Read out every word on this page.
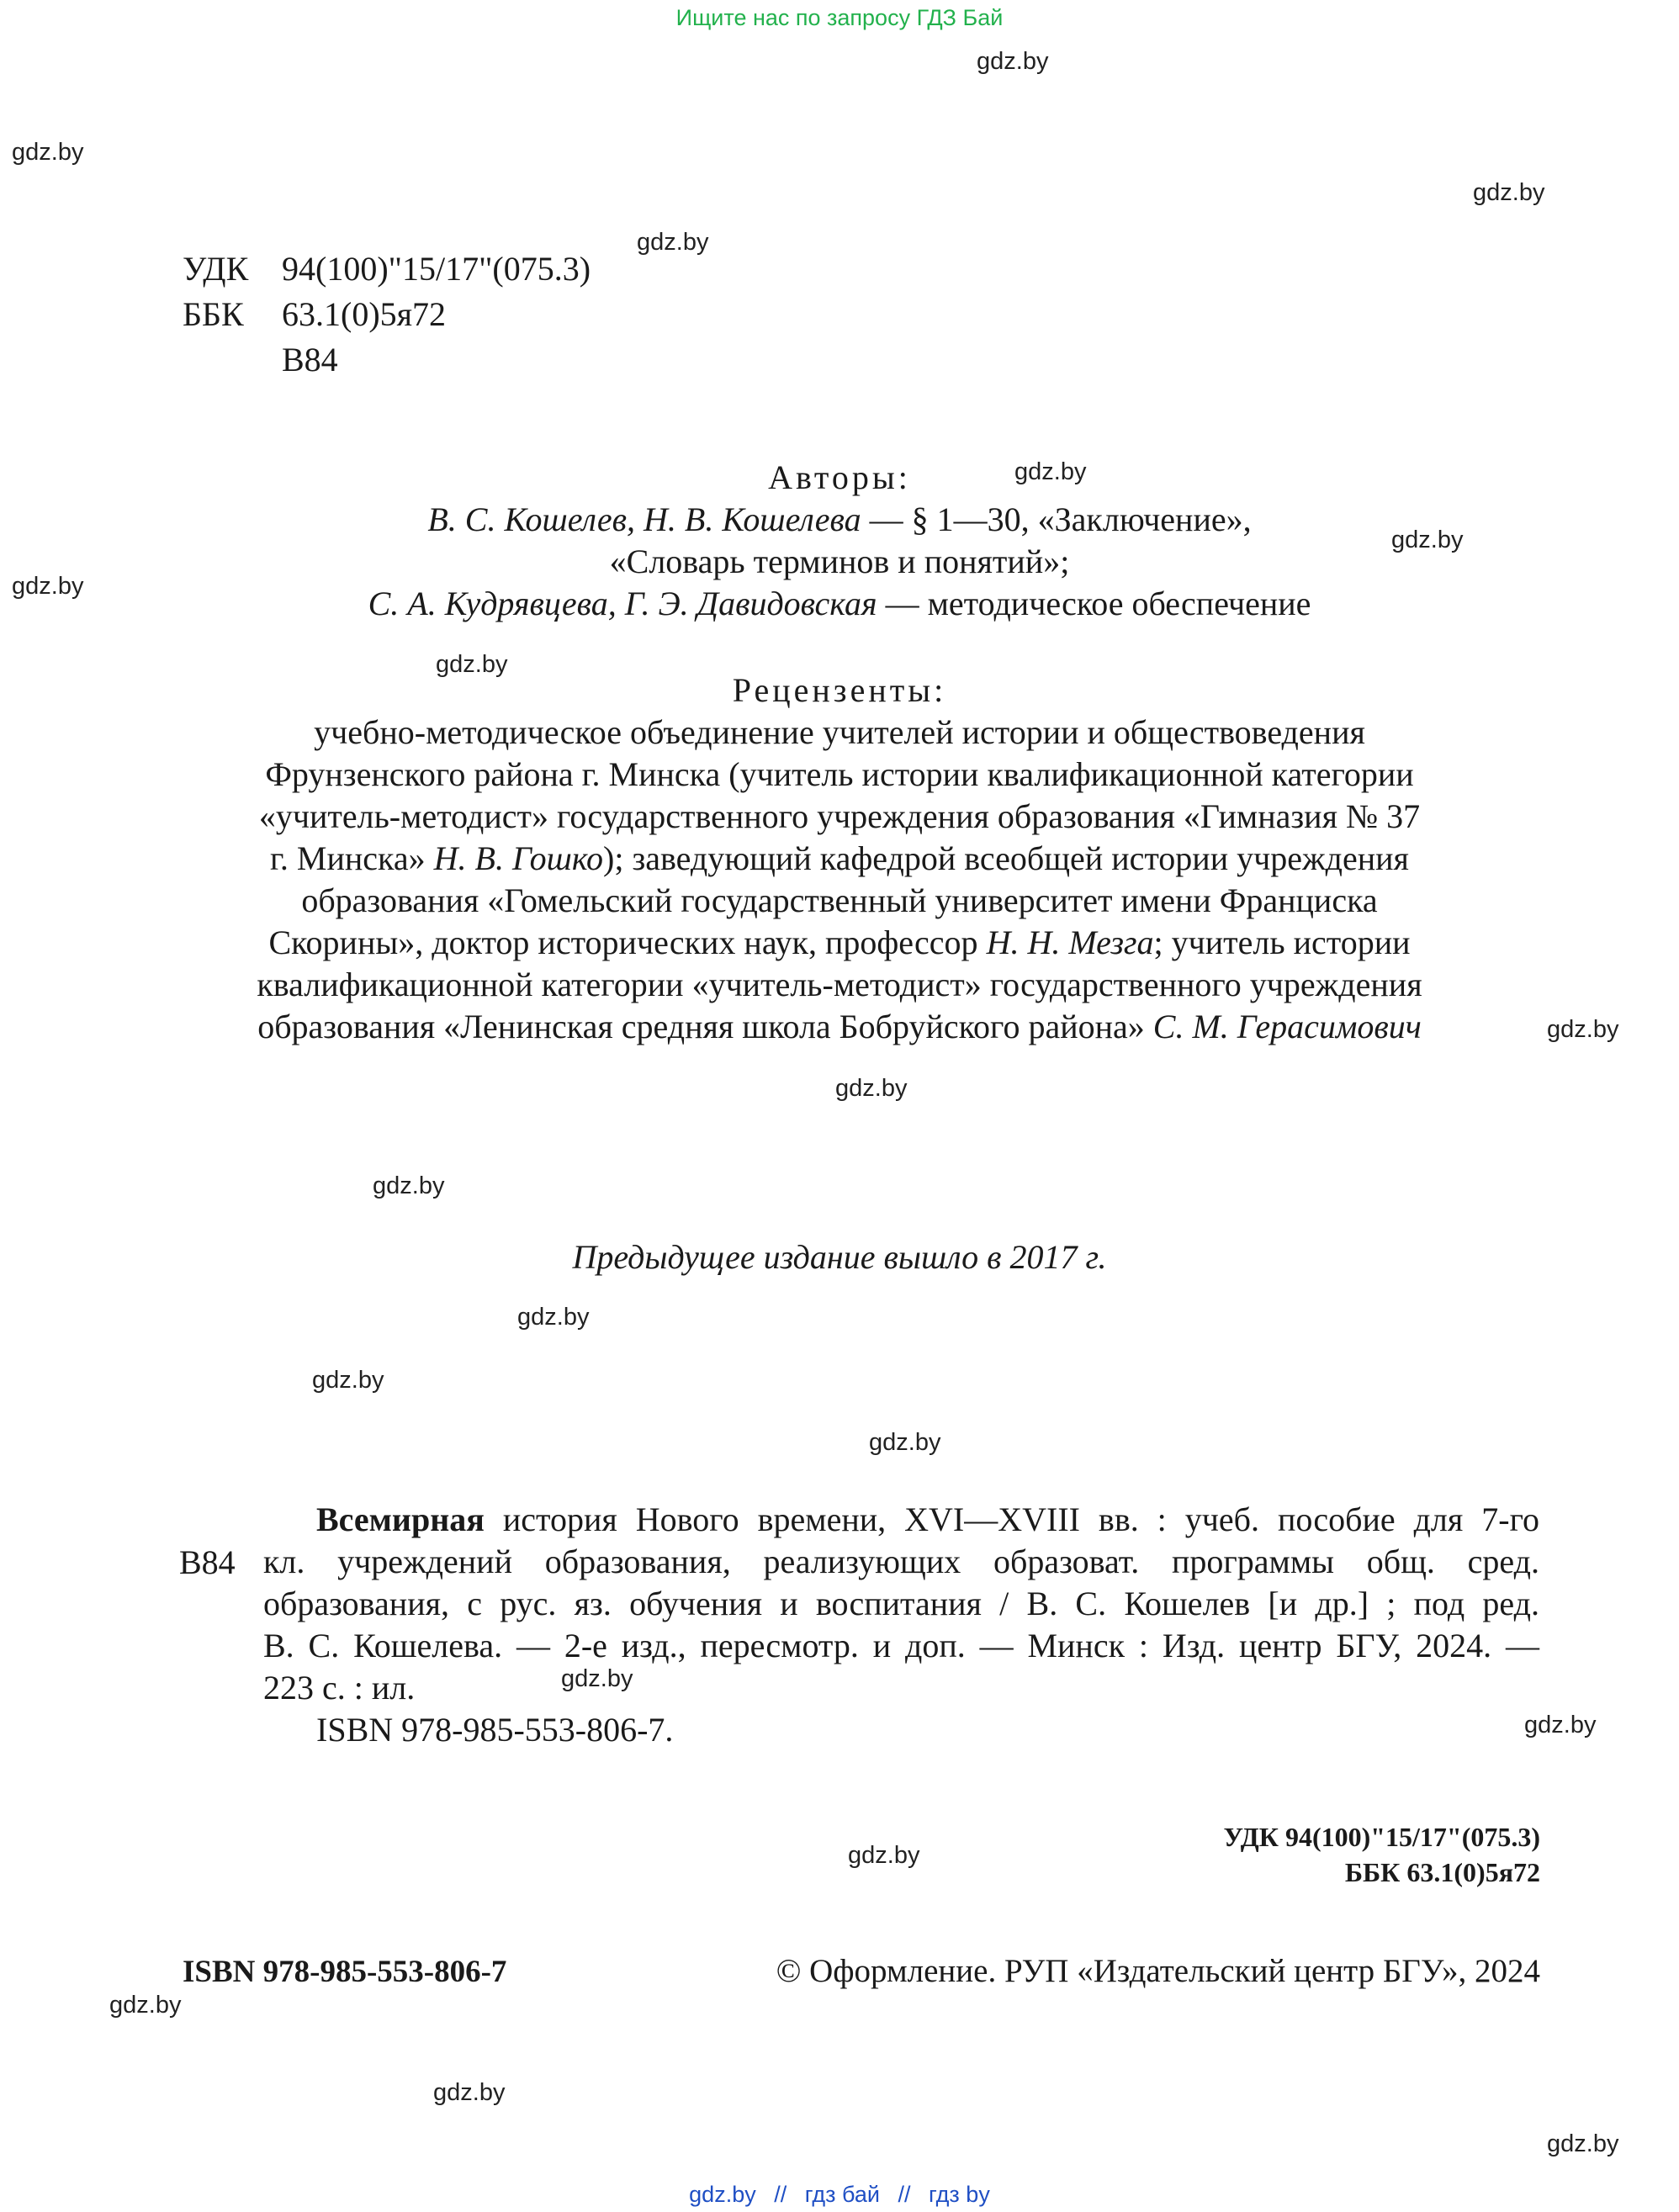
Ищите нас по запросу ГДЗ Бай
gdz.by
gdz.by
gdz.by
gdz.by
gdz.by
gdz.by
gdz.by
gdz.by
gdz.by
gdz.by
gdz.by
gdz.by
gdz.by
gdz.by
gdz.by
gdz.by
gdz.by
gdz.by
gdz.by
gdz.by
УДК 94(100)"15/17"(075.3)
ББК 63.1(0)5я72
В84
Авторы:
В. С. Кошелев, Н. В. Кошелева — § 1—30, «Заключение»,
«Словарь терминов и понятий»;
С. А. Кудрявцева, Г. Э. Давидовская — методическое обеспечение
Рецензенты:
учебно-методическое объединение учителей истории и обществоведения
Фрунзенского района г. Минска (учитель истории квалификационной категории
«учитель-методист» государственного учреждения образования «Гимназия № 37
г. Минска» Н. В. Гошко); заведующий кафедрой всеобщей истории учреждения
образования «Гомельский государственный университет имени Франциска
Скорины», доктор исторических наук, профессор Н. Н. Мезга; учитель истории
квалификационной категории «учитель-методист» государственного учреждения
образования «Ленинская средняя школа Бобруйского района» С. М. Герасимович
Предыдущее издание вышло в 2017 г.
В84
Всемирная история Нового времени, XVI—XVIII вв. : учеб. пособие для 7-го
кл. учреждений образования, реализующих образоват. программы общ. сред.
образования, с рус. яз. обучения и воспитания / В. С. Кошелев [и др.] ; под ред.
В. С. Кошелева. — 2-е изд., пересмотр. и доп. — Минск : Изд. центр БГУ, 2024. —
223 с. : ил.
ISBN 978-985-553-806-7.
УДК 94(100)"15/17"(075.3)
ББК 63.1(0)5я72
ISBN 978-985-553-806-7	© Оформление. РУП «Издательский центр БГУ», 2024
gdz.by // гдз бай // гдз by
